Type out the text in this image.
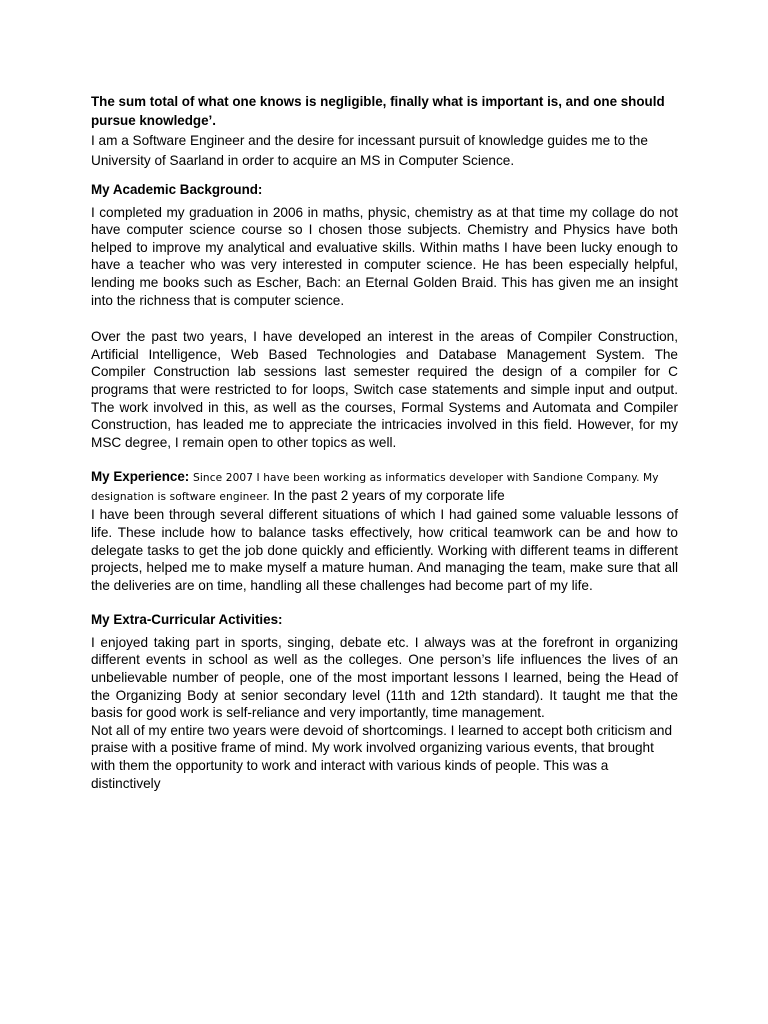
The sum total of what one knows is negligible, finally what is important is, and one should pursue knowledge’.

I am a Software Engineer and the desire for incessant pursuit of knowledge guides me to the University of Saarland in order to acquire an MS in Computer Science.

My Academic Background:

I completed my graduation in 2006 in maths, physic, chemistry as at that time my collage do not have computer science course so I chosen those subjects. Chemistry and Physics have both helped to improve my analytical and evaluative skills. Within maths I have been lucky enough to have a teacher who was very interested in computer science. He has been especially helpful, lending me books such as Escher, Bach: an Eternal Golden Braid. This has given me an insight into the richness that is computer science.

Over the past two years, I have developed an interest in the areas of Compiler Construction, Artificial Intelligence, Web Based Technologies and Database Management System. The Compiler Construction lab sessions last semester required the design of a compiler for C programs that were restricted to for loops, Switch case statements and simple input and output. The work involved in this, as well as the courses, Formal Systems and Automata and Compiler Construction, has leaded me to appreciate the intricacies involved in this field. However, for my MSC degree, I remain open to other topics as well.

My Experience: Since 2007 I have been working as informatics developer with Sandione Company. My designation is software engineer. In the past 2 years of my corporate life

I have been through several different situations of which I had gained some valuable lessons of life. These include how to balance tasks effectively, how critical teamwork can be and how to delegate tasks to get the job done quickly and efficiently. Working with different teams in different projects, helped me to make myself a mature human. And managing the team, make sure that all the deliveries are on time, handling all these challenges had become part of my life.

My Extra-Curricular Activities:

I enjoyed taking part in sports, singing, debate etc. I always was at the forefront in organizing different events in school as well as the colleges. One person’s life influences the lives of an unbelievable number of people, one of the most important lessons I learned, being the Head of the Organizing Body at senior secondary level (11th and 12th standard). It taught me that the basis for good work is self-reliance and very importantly, time management.

Not all of my entire two years were devoid of shortcomings. I learned to accept both criticism and praise with a positive frame of mind. My work involved organizing various events, that brought with them the opportunity to work and interact with various kinds of people. This was a distinctively
